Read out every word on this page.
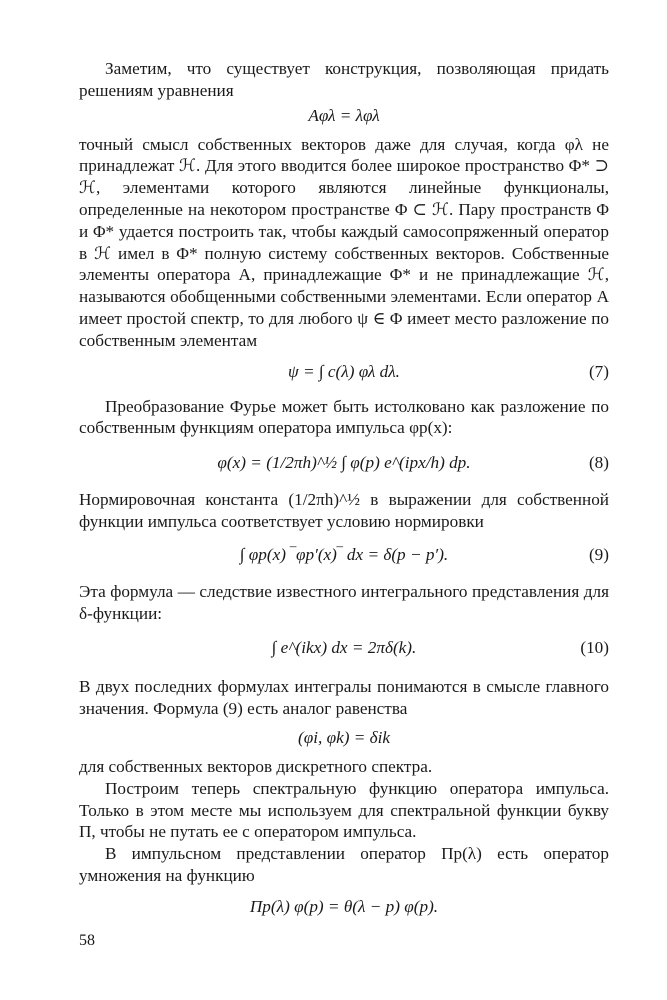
Заметим, что существует конструкция, позволяющая придать решениям уравнения

Aφλ = λφλ

точный смысл собственных векторов даже для случая, когда φλ не принадлежат ℋ. Для этого вводится более широкое пространство Φ* ⊃ ℋ, элементами которого являются линейные функционалы, определенные на некотором пространстве Φ ⊂ ℋ. Пару пространств Φ и Φ* удается построить так, чтобы каждый самосопряженный оператор в ℋ имел в Φ* полную систему собственных векторов. Собственные элементы оператора A, принадлежащие Φ* и не принадлежащие ℋ, называются обобщенными собственными элементами. Если оператор A имеет простой спектр, то для любого ψ ∈ Φ имеет место разложение по собственным элементам

ψ = ∫ c(λ) φλ dλ.	(7)

Преобразование Фурье может быть истолковано как разложение по собственным функциям оператора импульса φp(x):

φ(x) = (1/2πh)^½ ∫ φ(p) e^(ipx/h) dp.	(8)

Нормировочная константа (1/2πh)^½ в выражении для собственной функции импульса соответствует условию нормировки

∫ φp(x) ‾φp′(x)‾ dx = δ(p − p′).	(9)

Эта формула — следствие известного интегрального представления для δ-функции:

∫ e^(ikx) dx = 2πδ(k).	(10)

В двух последних формулах интегралы понимаются в смысле главного значения. Формула (9) есть аналог равенства

(φi, φk) = δik

для собственных векторов дискретного спектра.

Построим теперь спектральную функцию оператора импульса. Только в этом месте мы используем для спектральной функции букву Π, чтобы не путать ее с оператором импульса.

В импульсном представлении оператор Πp(λ) есть оператор умножения на функцию

Πp(λ) φ(p) = θ(λ − p) φ(p).
58
